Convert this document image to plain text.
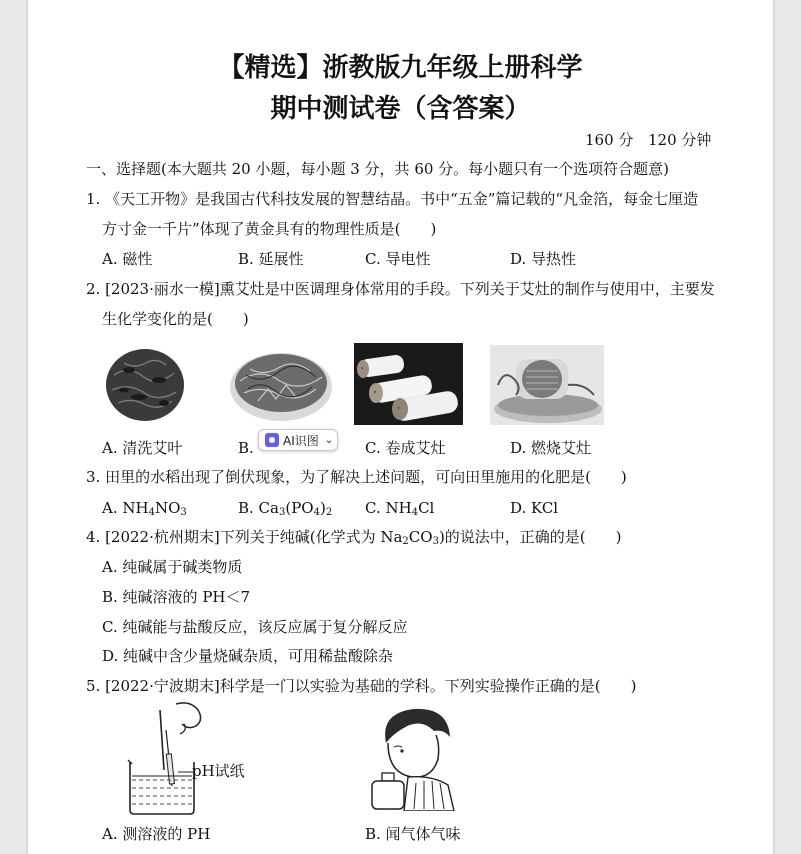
【精选】浙教版九年级上册科学
期中测试卷（含答案）
160 分 120 分钟
一、选择题(本大题共 20 小题，每小题 3 分，共 60 分。每小题只有一个选项符合题意)
1. 《天工开物》是我国古代科技发展的智慧结晶。书中“五金”篇记载的“凡金箔，每金七厘造
方寸金一千片”体现了黄金具有的物理性质是(　　)
A. 磁性	B. 延展性	C. 导电性	D. 导热性
2. [2023·丽水一模]熏艾灶是中医调理身体常用的手段。下列关于艾灶的制作与使用中，主要发
生化学变化的是(　　)
A. 清洗艾叶	B.	C. 卷成艾灶	D. 燃烧艾灶
3. 田里的水稻出现了倒伏现象，为了解决上述问题，可向田里施用的化肥是(　　)
A. $NH_4NO_3$	B. $Ca_3(PO_4)_2$ C. $NH_4Cl$	D. KCl
4. [2022·杭州期末]下列关于纯碱(化学式为 $Na_2CO_3$)的说法中，正确的是(　　)
A. 纯碱属于碱类物质
B. 纯碱溶液的 PH＜7
C. 纯碱能与盐酸反应，该反应属于复分解反应
D. 纯碱中含少量烧碱杂质，可用稀盐酸除杂
5. [2022·宁波期末]科学是一门以实验为基础的学科。下列实验操作正确的是(　　)
pH试纸
A. 测溶液的 PH	B. 闻气体气味
AI识图 ⌄
